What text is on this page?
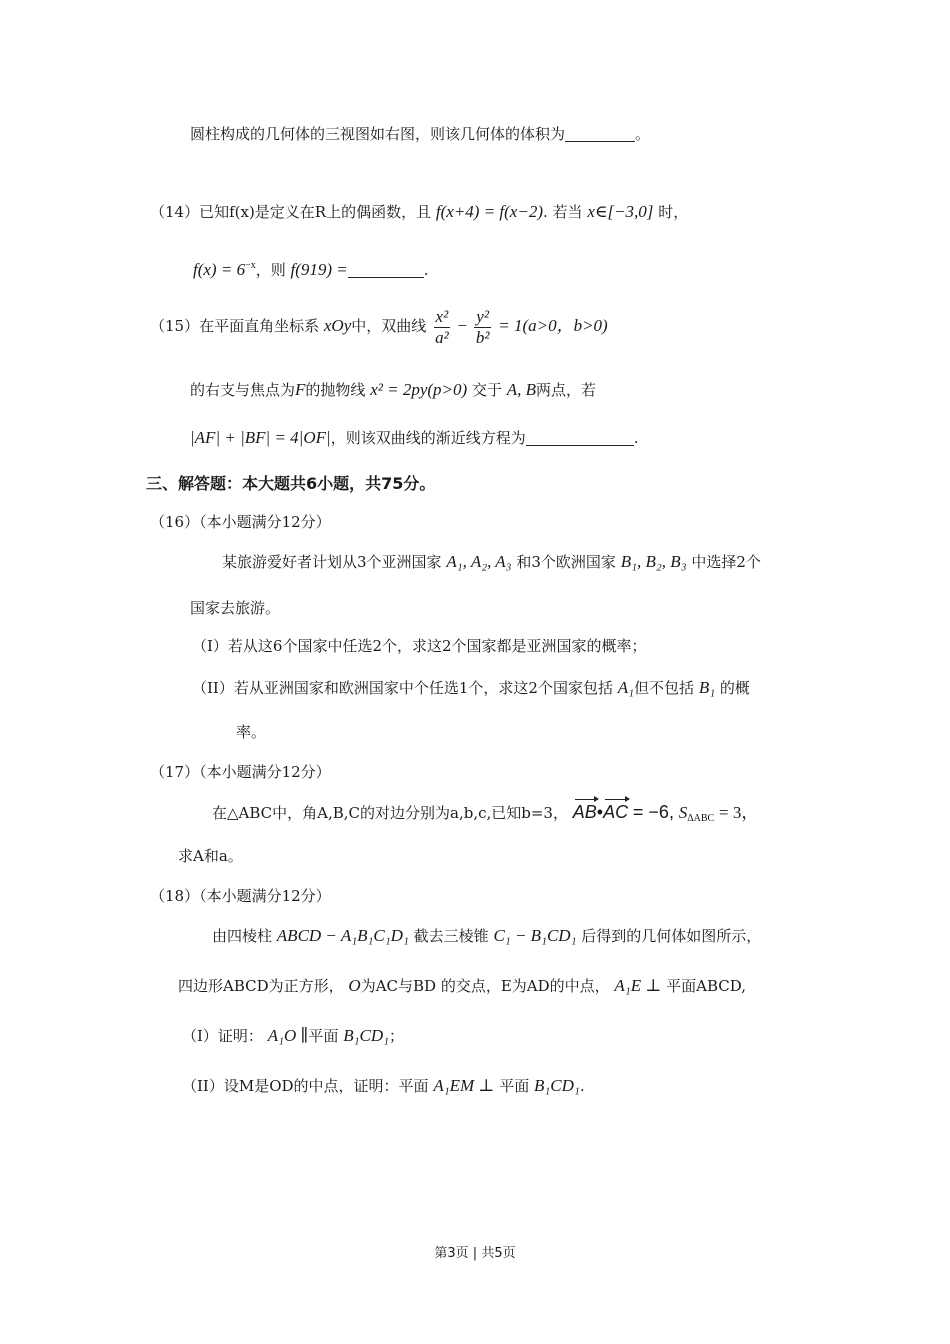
圆柱构成的几何体的三视图如右图，则该几何体的体积为	。
（14）已知f(x)是定义在R上的偶函数，且 f(x+4) = f(x−2). 若当 x∈[−3,0] 时，
$f(x) = 6^{-x}$，则 f(919) =	.
（15）在平面直角坐标系 xOy中，双曲线 $\frac{\text{x²}}{\text{a²}} - \frac{\text{y²}}{\text{b²}} = 1(a>0$，b>0)
的右支与焦点为F的抛物线 x² = 2py(p>0) 交于 A, B两点，若
|AF| + |BF| = 4|OF|，则该双曲线的渐近线方程为	.
三、解答题：本大题共6小题，共75分。
（16）（本小题满分12分）
某旅游爱好者计划从3个亚洲国家 A₁, A₂, A₃ 和3个欧洲国家 B₁, B₂, B₃ 中选择2个
国家去旅游。
（I）若从这6个国家中任选2个，求这2个国家都是亚洲国家的概率；
（II）若从亚洲国家和欧洲国家中个任选1个，求这2个国家包括 A₁但不包括 B₁ 的概
率。
（17）（本小题满分12分）
在△ABC中，角A,B,C的对边分别为a,b,c,已知b=3， AB•AC = −6, $S_{\Delta ABC} = 3$，
求A和a。
（18）（本小题满分12分）
由四棱柱 ABCD − A₁B₁C₁D₁ 截去三棱锥 C₁ − B₁CD₁ 后得到的几何体如图所示，
四边形ABCD为正方形， O为AC与BD 的交点，E为AD的中点， A₁E ⊥ 平面ABCD,
（I）证明： A₁O ∥平面 B₁CD₁；
（II）设M是OD的中点，证明：平面 A₁EM ⊥ 平面 B₁CD₁.
第3页 | 共5页
